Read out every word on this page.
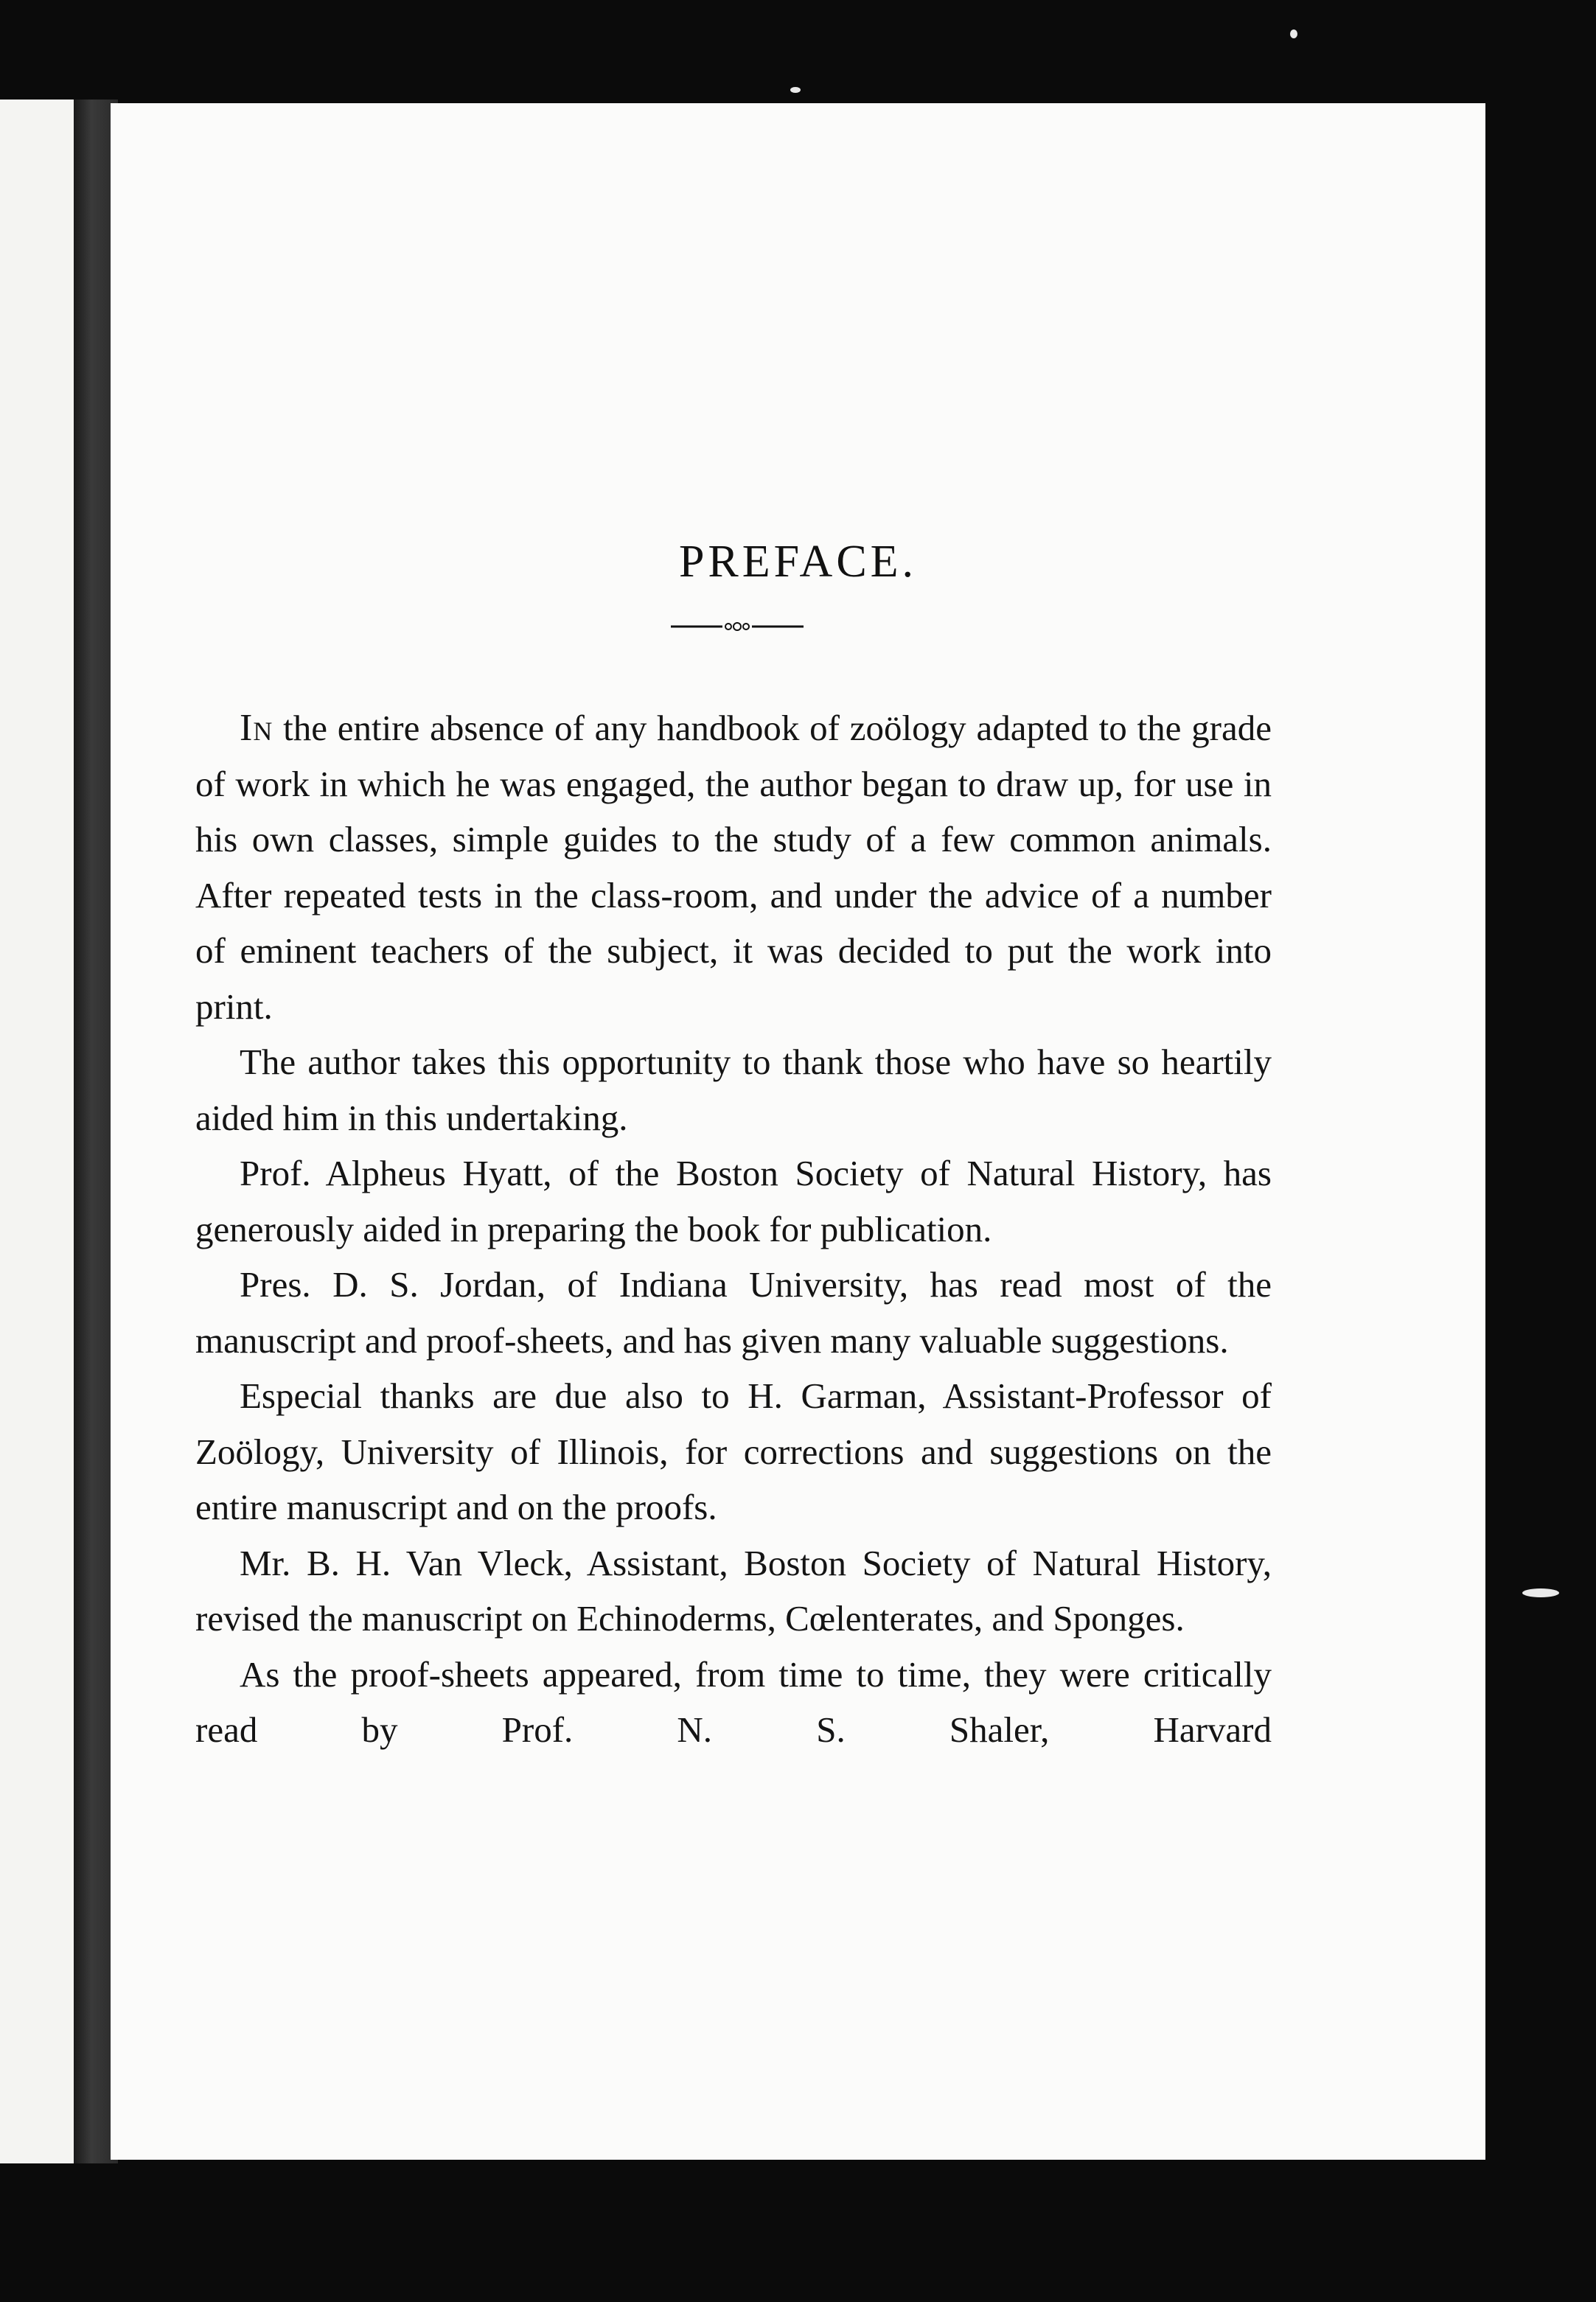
PREFACE.

In the entire absence of any handbook of zoölogy adapted to the grade of work in which he was engaged, the author began to draw up, for use in his own classes, simple guides to the study of a few common animals. After repeated tests in the class-room, and under the advice of a number of eminent teachers of the subject, it was decided to put the work into print.

The author takes this opportunity to thank those who have so heartily aided him in this undertaking.

Prof. Alpheus Hyatt, of the Boston Society of Natural History, has generously aided in preparing the book for publication.

Pres. D. S. Jordan, of Indiana University, has read most of the manuscript and proof-sheets, and has given many valuable suggestions.

Especial thanks are due also to H. Garman, Assistant-Professor of Zoölogy, University of Illinois, for corrections and suggestions on the entire manuscript and on the proofs.

Mr. B. H. Van Vleck, Assistant, Boston Society of Natural History, revised the manuscript on Echinoderms, Cœlenterates, and Sponges.

As the proof-sheets appeared, from time to time, they were critically read by Prof. N. S. Shaler, Harvard
